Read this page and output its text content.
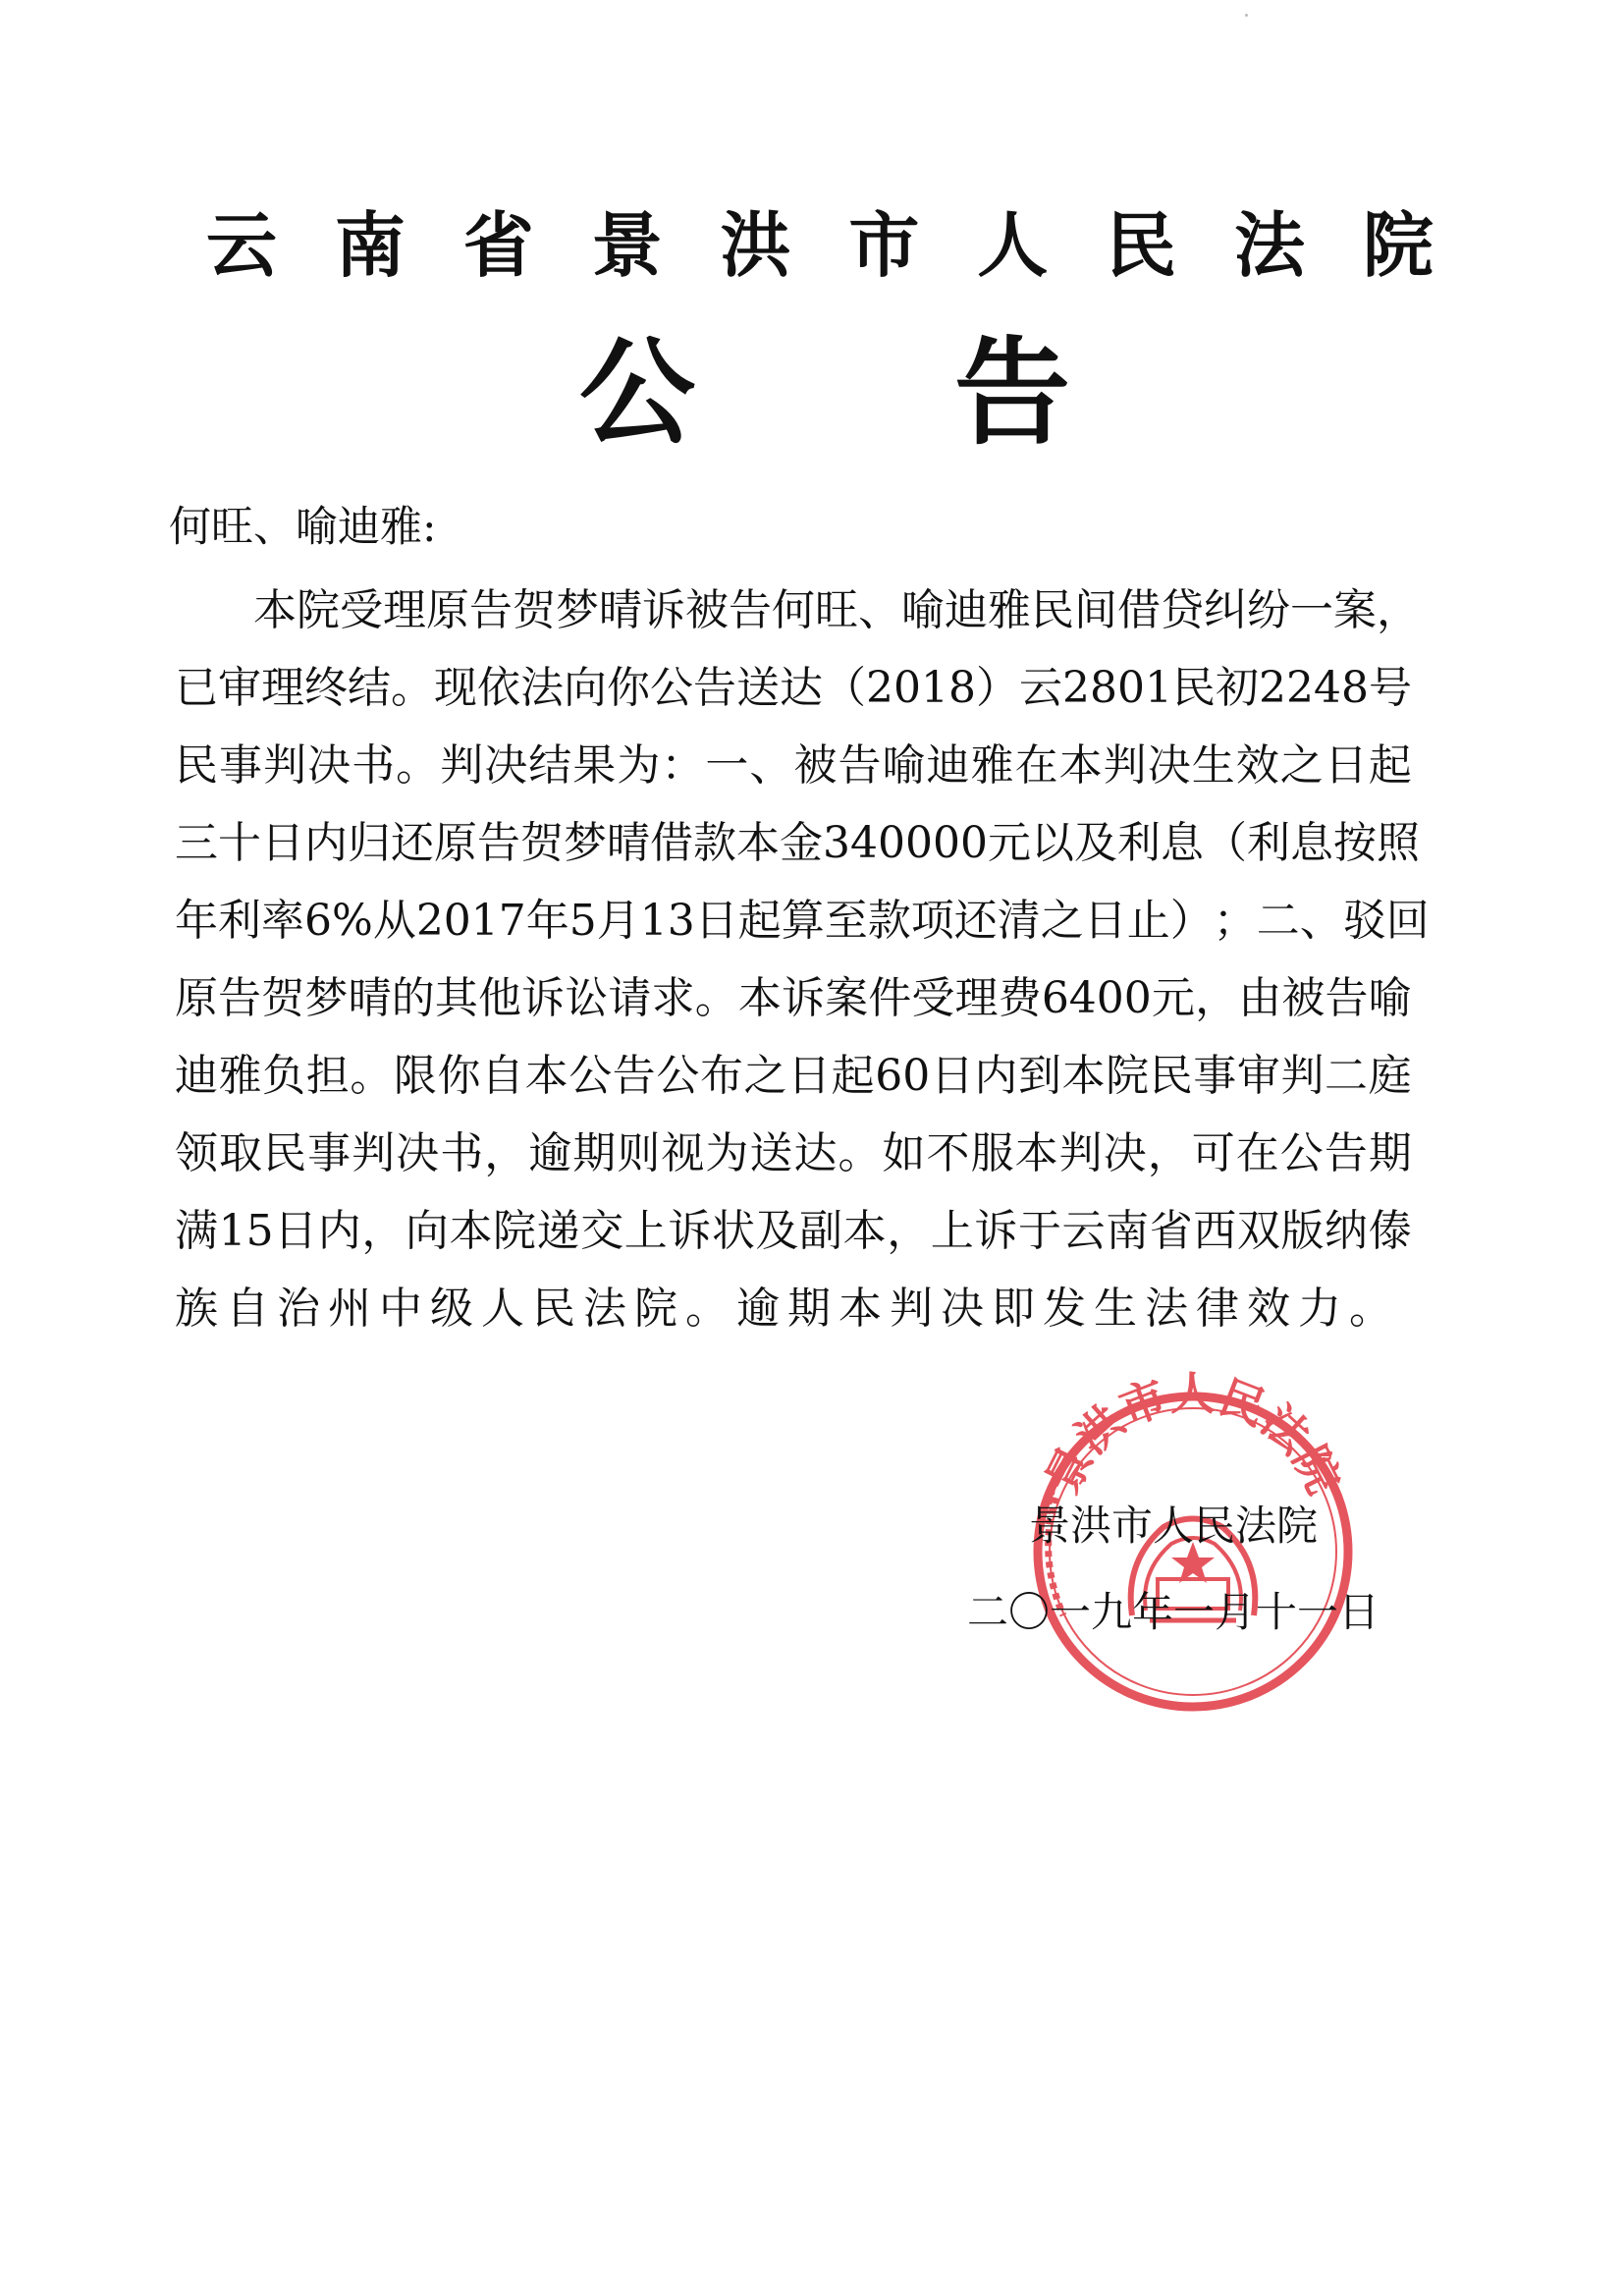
云 南 省 景 洪 市 人 民 法 院
公 告
何旺、喻迪雅:
本 院 受 理 原 告 贺 梦 晴 诉 被 告 何 旺 、 喻 迪 雅 民 间 借 贷 纠 纷 一 案 ，
已 审 理 终 结 。 现 依 法 向 你 公 告 送 达 （ 2018 ） 云 2801 民 初 2248 号
民 事 判 决 书 。 判 决 结 果 为 ： 一 、 被 告 喻 迪 雅 在 本 判 决 生 效 之 日 起
三 十 日 内 归 还 原 告 贺 梦 晴 借 款 本 金 340000 元 以 及 利 息 （ 利 息 按 照
年 利 率 6% 从 2017 年 5 月 13 日 起 算 至 款 项 还 清 之 日 止 ） ； 二 、 驳 回
原 告 贺 梦 晴 的 其 他 诉 讼 请 求 。 本 诉 案 件 受 理 费 6400 元 ， 由 被 告 喻
迪 雅 负 担 。 限 你 自 本 公 告 公 布 之 日 起 60 日 内 到 本 院 民 事 审 判 二 庭
领 取 民 事 判 决 书 ， 逾 期 则 视 为 送 达 。 如 不 服 本 判 决 ， 可 在 公 告 期
满 15 日 内 ， 向 本 院 递 交 上 诉 状 及 副 本 ， 上 诉 于 云 南 省 西 双 版 纳 傣
族 自 治 州 中 级 人 民 法 院 。 逾 期 本 判 决 即 发 生 法 律 效 力 。
景洪市人民法院
景洪市人民法院
二〇一九年一月十一日
